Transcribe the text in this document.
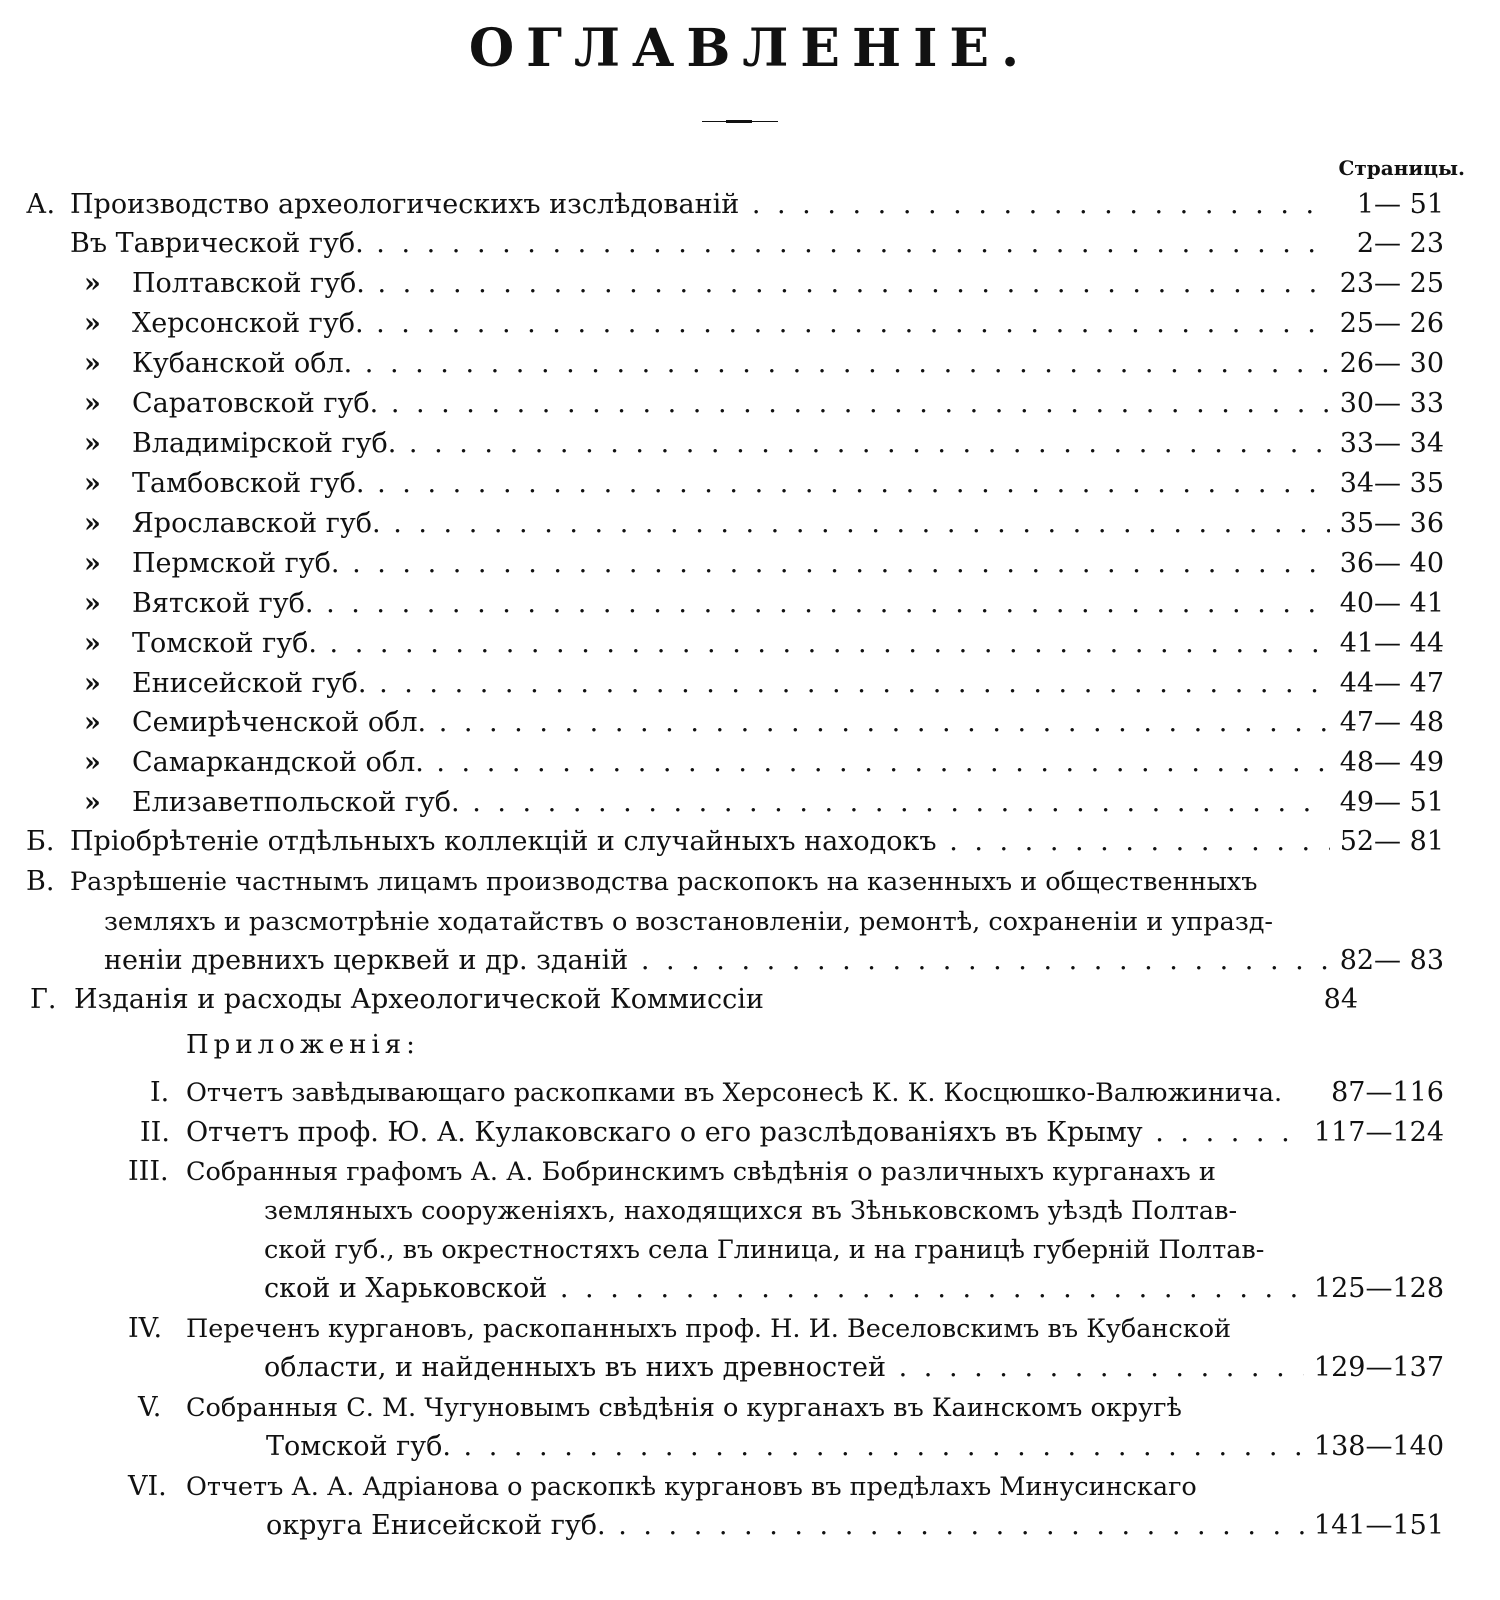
ОГЛАВЛЕНІЕ.
Страницы.
А. Производство археологическихъ изслѣдованій . . .	1— 51
Въ Таврической губ. . . .	2— 23
» Полтавской губ. . . .	23— 25
» Херсонской губ. . . .	25— 26
» Кубанской обл. . . .	26— 30
» Саратовской губ. . . .	30— 33
» Владимірской губ. . . .	33— 34
» Тамбовской губ. . . .	34— 35
» Ярославской губ. . . .	35— 36
» Пермской губ. . . .	36— 40
» Вятской губ. . . .	40— 41
» Томской губ. . . .	41— 44
» Енисейской губ. . . .	44— 47
» Семирѣченской обл. . . .	47— 48
» Самаркандской обл. . . .	48— 49
» Елизаветпольской губ. . . .	49— 51
Б. Пріобрѣтеніе отдѣльныхъ коллекцій и случайныхъ находокъ . . .	52— 81
В. Разрѣшеніе частнымъ лицамъ производства раскопокъ на казенныхъ и общественныхъ
земляхъ и разсмотрѣніе ходатайствъ о возстановленіи, ремонтѣ, сохраненіи и упразд-
неніи древнихъ церквей и др. зданій . . .	82— 83
Г. Изданія и расходы Археологической Коммиссіи	84
Приложенія:
I. Отчетъ завѣдывающаго раскопками въ Херсонесѣ К. К. Косцюшко-Валюжинича.	87—116
II. Отчетъ проф. Ю. А. Кулаковскаго о его разслѣдованіяхъ въ Крыму . . .	117—124
III. Собранныя графомъ А. А. Бобринскимъ свѣдѣнія о различныхъ курганахъ и
земляныхъ сооруженіяхъ, находящихся въ Зѣньковскомъ уѣздѣ Полтав-
ской губ., въ окрестностяхъ села Глиница, и на границѣ губерній Полтав-
ской и Харьковской . . .	125—128
IV. Переченъ кургановъ, раскопанныхъ проф. Н. И. Веселовскимъ въ Кубанской
области, и найденныхъ въ нихъ древностей . . .	129—137
V. Собранныя С. М. Чугуновымъ свѣдѣнія о курганахъ въ Каинскомъ округѣ
Томской губ. . . .	138—140
VI. Отчетъ А. А. Адріанова о раскопкѣ кургановъ въ предѣлахъ Минусинскаго
округа Енисейской губ. . . .	141—151
